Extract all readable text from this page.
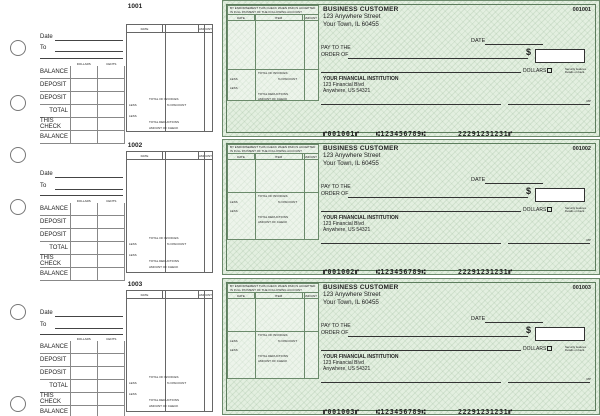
1001
Date
To
DOLLARS	CENTS
BALANCE
DEPOSIT
DEPOSIT
TOTAL
THIS CHECK
BALANCE
DATE	AMOUNT
TOTAL OF INVOICES
LESS	% DISCOUNT
LESS
TOTAL DEDUCTIONS
AMOUNT OF CHECK
1002
Date
To
DOLLARS	CENTS
BALANCE
DEPOSIT
DEPOSIT
TOTAL
THIS CHECK
BALANCE
DATE	AMOUNT
TOTAL OF INVOICES
LESS	% DISCOUNT
LESS
TOTAL DEDUCTIONS
AMOUNT OF CHECK
1003
Date
To
DOLLARS	CENTS
BALANCE
DEPOSIT
DEPOSIT
TOTAL
THIS CHECK
BALANCE
DATE	AMOUNT
TOTAL OF INVOICES
LESS	% DISCOUNT
LESS
TOTAL DEDUCTIONS
AMOUNT OF CHECK
BY ENDORSEMENT THIS CHECK WHEN PAID IS ACCEPTED IN FULL PAYMENT OF THE FOLLOWING ACCOUNT
DATE	ITEM	AMOUNT
TOTAL OF INVOICES
LESS	% DISCOUNT
LESS
TOTAL DEDUCTIONS
AMOUNT OF CHECK
BUSINESS CUSTOMER
123 Anywhere Street
Your Town, IL 60455
001001
DATE
PAY TO THE
ORDER OF	$
DOLLARS	Security features. Details on back.
YOUR FINANCIAL INSTITUTION
123 Financial Blvd
Anywhere, US 54321
MP
⑈001001⑈ ⑆123456789⑆	22291231231⑈
BY ENDORSEMENT THIS CHECK WHEN PAID IS ACCEPTED IN FULL PAYMENT OF THE FOLLOWING ACCOUNT
DATE	ITEM	AMOUNT
TOTAL OF INVOICES
LESS	% DISCOUNT
LESS
TOTAL DEDUCTIONS
AMOUNT OF CHECK
BUSINESS CUSTOMER
123 Anywhere Street
Your Town, IL 60455
001002
DATE
PAY TO THE
ORDER OF	$
DOLLARS	Security features. Details on back.
YOUR FINANCIAL INSTITUTION
123 Financial Blvd
Anywhere, US 54321
MP
⑈001002⑈ ⑆123456789⑆	22291231231⑈
BY ENDORSEMENT THIS CHECK WHEN PAID IS ACCEPTED IN FULL PAYMENT OF THE FOLLOWING ACCOUNT
DATE	ITEM	AMOUNT
TOTAL OF INVOICES
LESS	% DISCOUNT
LESS
TOTAL DEDUCTIONS
AMOUNT OF CHECK
BUSINESS CUSTOMER
123 Anywhere Street
Your Town, IL 60455
001003
DATE
PAY TO THE
ORDER OF	$
DOLLARS	Security features. Details on back.
YOUR FINANCIAL INSTITUTION
123 Financial Blvd
Anywhere, US 54321
MP
⑈001003⑈ ⑆123456789⑆	22291231231⑈
